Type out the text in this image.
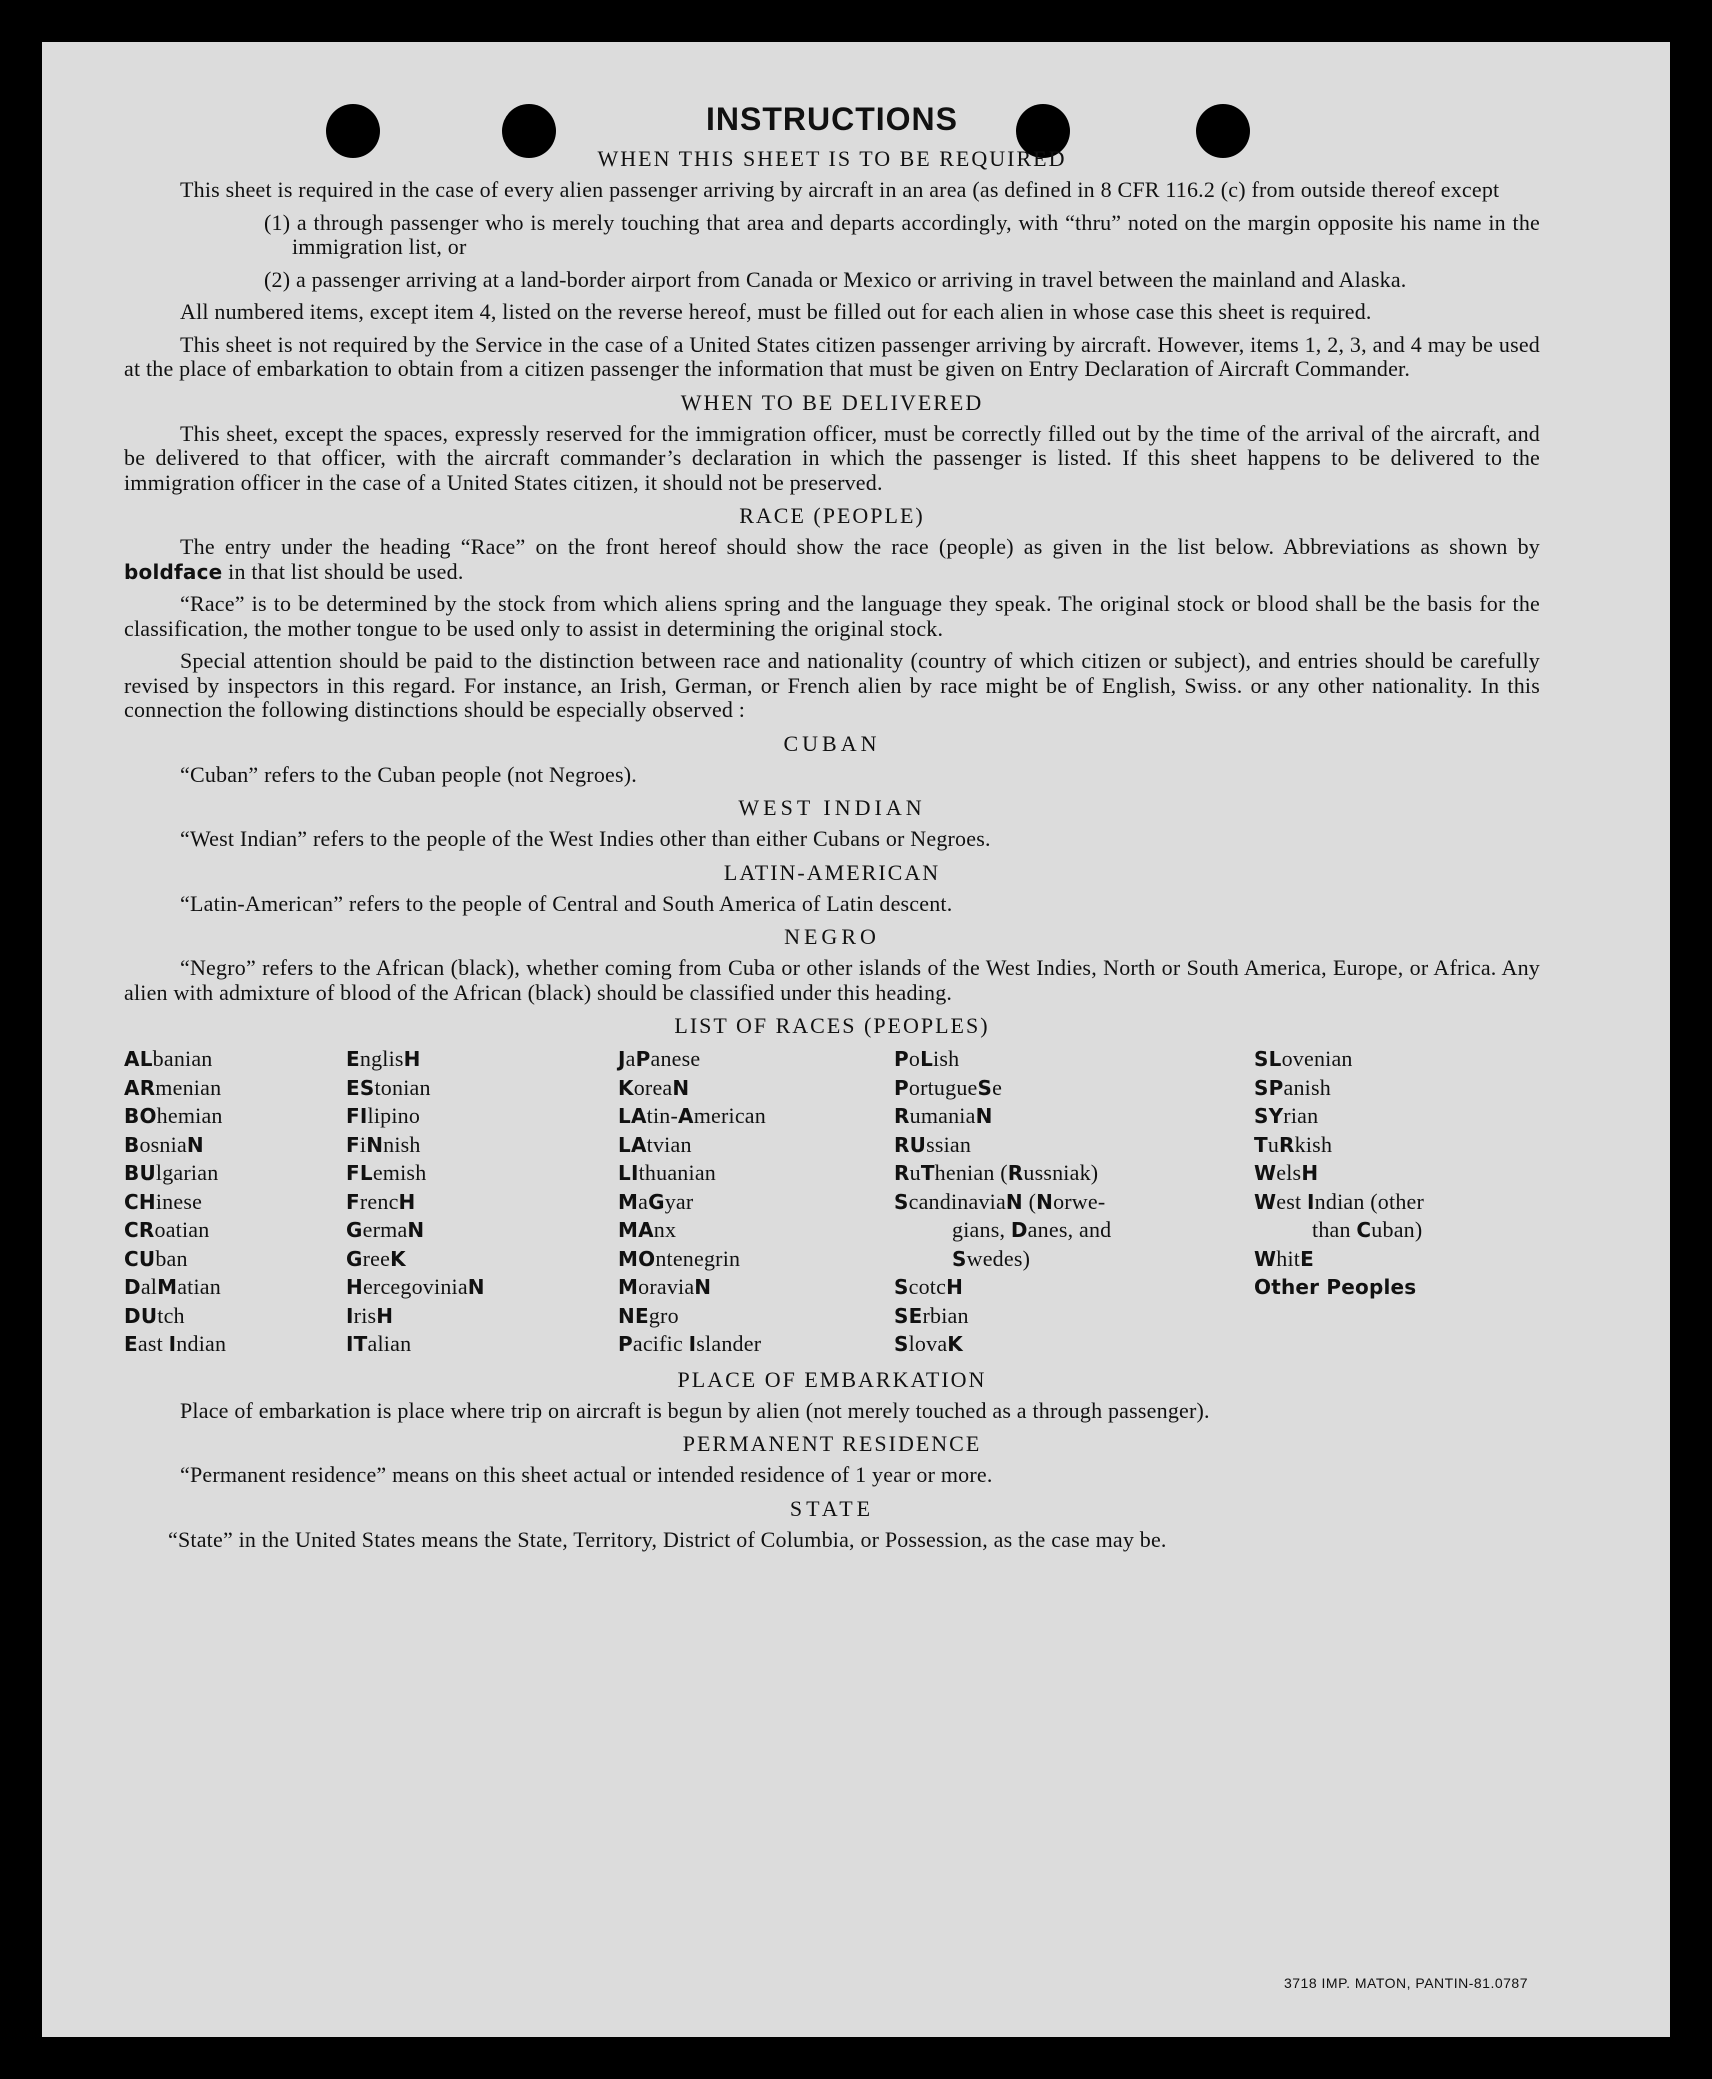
INSTRUCTIONS
WHEN THIS SHEET IS TO BE REQUIRED
This sheet is required in the case of every alien passenger arriving by aircraft in an area (as defined in 8 CFR 116.2 (c) from outside thereof except
(1) a through passenger who is merely touching that area and departs accordingly, with “thru” noted on the margin opposite his name in the immigration list, or
(2) a passenger arriving at a land-border airport from Canada or Mexico or arriving in travel between the mainland and Alaska.
All numbered items, except item 4, listed on the reverse hereof, must be filled out for each alien in whose case this sheet is required.
This sheet is not required by the Service in the case of a United States citizen passenger arriving by aircraft. However, items 1, 2, 3, and 4 may be used at the place of embarkation to obtain from a citizen passenger the information that must be given on Entry Declaration of Aircraft Commander.
WHEN TO BE DELIVERED
This sheet, except the spaces, expressly reserved for the immigration officer, must be correctly filled out by the time of the arrival of the aircraft, and be delivered to that officer, with the aircraft commander’s declaration in which the passenger is listed. If this sheet happens to be delivered to the immigration officer in the case of a United States citizen, it should not be preserved.
RACE (PEOPLE)
The entry under the heading “Race” on the front hereof should show the race (people) as given in the list below. Abbreviations as shown by boldface in that list should be used.
“Race” is to be determined by the stock from which aliens spring and the language they speak. The original stock or blood shall be the basis for the classification, the mother tongue to be used only to assist in determining the original stock.
Special attention should be paid to the distinction between race and nationality (country of which citizen or subject), and entries should be carefully revised by inspectors in this regard. For instance, an Irish, German, or French alien by race might be of English, Swiss. or any other nationality. In this connection the following distinctions should be especially observed :
CUBAN
“Cuban” refers to the Cuban people (not Negroes).
WEST INDIAN
“West Indian” refers to the people of the West Indies other than either Cubans or Negroes.
LATIN-AMERICAN
“Latin-American” refers to the people of Central and South America of Latin descent.
NEGRO
“Negro” refers to the African (black), whether coming from Cuba or other islands of the West Indies, North or South America, Europe, or Africa. Any alien with admixture of blood of the African (black) should be classified under this heading.
LIST OF RACES (PEOPLES)
ALbanian
ARmenian
BOhemian
BosniaN
BUlgarian
CHinese
CRoatian
CUban
DalMatian
DUtch
East Indian
EnglisH
EStonian
FIlipino
FiNnish
FLemish
FrencH
GermaN
GreeK
HercegoviniaN
IrisH
ITalian
JaPanese
KoreaN
LAtin-American
LAtvian
LIthuanian
MaGyar
MAnx
MOntenegrin
MoraviaN
NEgro
Pacific Islander
PoLish
PortugueSe
RumaniaN
RUssian
RuThenian (Russniak)
ScandinaviaN (Norwe-
gians, Danes, and
Swedes)
ScotcH
SErbian
SlovaK
SLovenian
SPanish
SYrian
TuRkish
WelsH
West Indian (other
than Cuban)
WhitE
Other Peoples
PLACE OF EMBARKATION
Place of embarkation is place where trip on aircraft is begun by alien (not merely touched as a through passenger).
PERMANENT RESIDENCE
“Permanent residence” means on this sheet actual or intended residence of 1 year or more.
STATE
“State” in the United States means the State, Territory, District of Columbia, or Possession, as the case may be.
3718 IMP. MATON, PANTIN-81.0787
